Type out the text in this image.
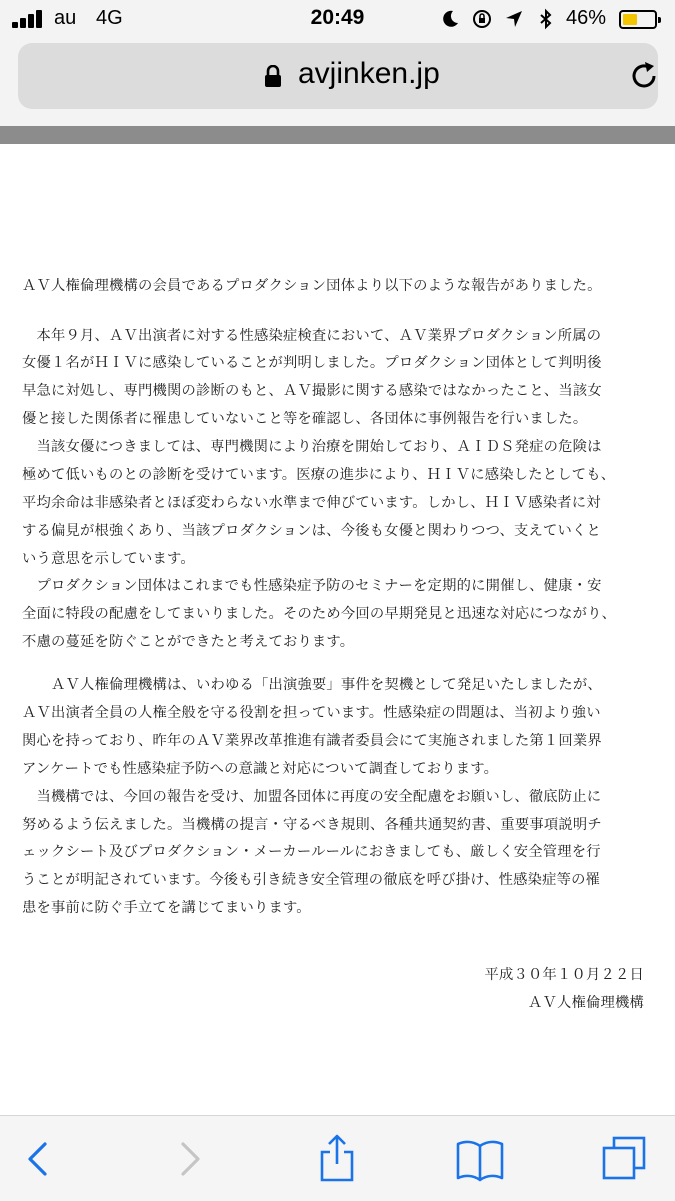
au 4G	20:49	46%
avjinken.jp

ＡＶ人権倫理機構の会員であるプロダクション団体より以下のような報告がありました。

　本年９月、ＡＶ出演者に対する性感染症検査において、ＡＶ業界プロダクション所属の

女優１名がＨＩＶに感染していることが判明しました。プロダクション団体として判明後

早急に対処し、専門機関の診断のもと、ＡＶ撮影に関する感染ではなかったこと、当該女

優と接した関係者に罹患していないこと等を確認し、各団体に事例報告を行いました。

　当該女優につきましては、専門機関により治療を開始しており、ＡＩＤＳ発症の危険は

極めて低いものとの診断を受けています。医療の進歩により、ＨＩＶに感染したとしても、

平均余命は非感染者とほぼ変わらない水準まで伸びています。しかし、ＨＩＶ感染者に対

する偏見が根強くあり、当該プロダクションは、今後も女優と関わりつつ、支えていくと

いう意思を示しています。

　プロダクション団体はこれまでも性感染症予防のセミナーを定期的に開催し、健康・安

全面に特段の配慮をしてまいりました。そのため今回の早期発見と迅速な対応につながり、

不慮の蔓延を防ぐことができたと考えております。

　　ＡＶ人権倫理機構は、いわゆる「出演強要」事件を契機として発足いたしましたが、

ＡＶ出演者全員の人権全般を守る役割を担っています。性感染症の問題は、当初より強い

関心を持っており、昨年のＡＶ業界改革推進有識者委員会にて実施されました第１回業界

アンケートでも性感染症予防への意識と対応について調査しております。

　当機構では、今回の報告を受け、加盟各団体に再度の安全配慮をお願いし、徹底防止に

努めるよう伝えました。当機構の提言・守るべき規則、各種共通契約書、重要事項説明チ

ェックシート及びプロダクション・メーカールールにおきましても、厳しく安全管理を行

うことが明記されています。今後も引き続き安全管理の徹底を呼び掛け、性感染症等の罹

患を事前に防ぐ手立てを講じてまいります。

平成３０年１０月２２日

ＡＶ人権倫理機構
